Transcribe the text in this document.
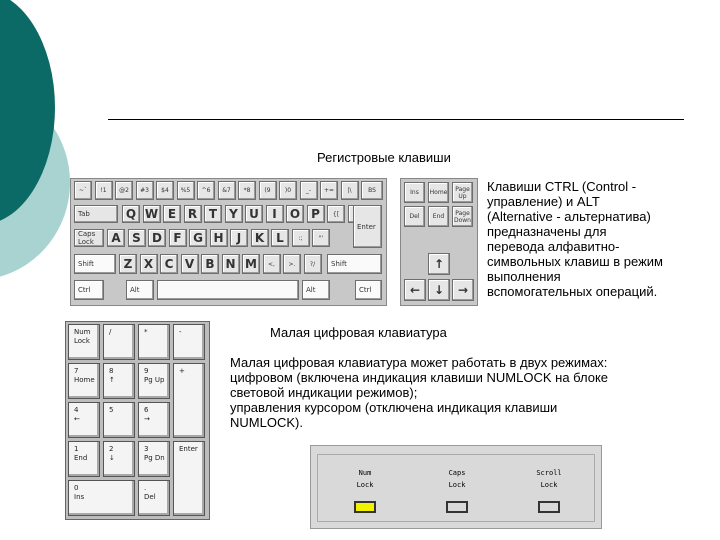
Регистровые клавиши
~`	!1	@2	#3	$4	%5	^6	&7	*8	(9	)0	_-	+=	|\	BS
Tab	Q W E R T	Y U	I	O P	{[
Enter
Caps Lock	A S D F G H	J	K	L	:;	"'
Shift	Z X C V B N M	<,	>.	?/	Shift
Ctrl	Alt	Alt	Ctrl
Ins	Home	Page Up
Del	End	Page Down
↑
←	↓	→
Клавиши CTRL (Control -
управление) и ALT
(Alternative - альтернатива)
предназначены для
перевода алфавитно-
символьных клавиш в режим
выполнения
вспомогательных операций.
Малая цифровая клавиатура
Num
Lock
/	*	-
7
Home
8
↑
9
Pg Up
+
4
←
5	6
→
1
End
2
↓
3
Pg Dn
Enter
0
Ins
.
Del
Малая цифровая клавиатура может работать в двух режимах:
цифровом (включена индикация клавиши NUMLOCK на блоке
световой индикации режимов);
управления курсором (отключена индикация клавиши
NUMLOCK).
Num
Lock
Caps
Lock
Scroll
Lock
